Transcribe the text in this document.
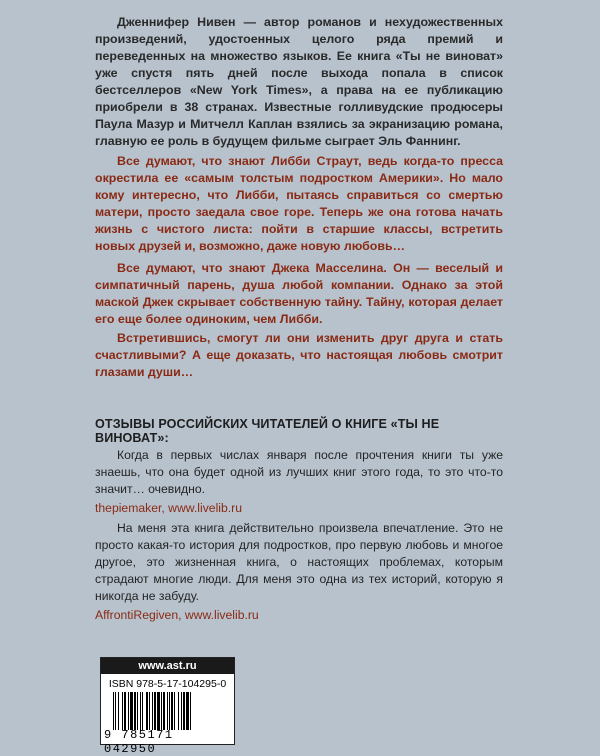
Дженнифер Нивен — автор романов и нехудожественных произведений, удостоенных целого ряда премий и переведенных на множество языков. Ее книга «Ты не виноват» уже спустя пять дней после выхода попала в список бестселлеров «New York Times», а права на ее публикацию приобрели в 38 странах. Известные голливудские продюсеры Паула Мазур и Митчелл Каплан взялись за экранизацию романа, главную ее роль в будущем фильме сыграет Эль Фаннинг.

Все думают, что знают Либби Страут, ведь когда-то пресса окрестила ее «самым толстым подростком Америки». Но мало кому интересно, что Либби, пытаясь справиться со смертью матери, просто заедала свое горе. Теперь же она готова начать жизнь с чистого листа: пойти в старшие классы, встретить новых друзей и, возможно, даже новую любовь…

Все думают, что знают Джека Масселина. Он — веселый и симпатичный парень, душа любой компании. Однако за этой маской Джек скрывает собственную тайну. Тайну, которая делает его еще более одиноким, чем Либби.

Встретившись, смогут ли они изменить друг друга и стать счастливыми? А еще доказать, что настоящая любовь смотрит глазами души…

ОТЗЫВЫ РОССИЙСКИХ ЧИТАТЕЛЕЙ О КНИГЕ «ТЫ НЕ ВИНОВАТ»:

Когда в первых числах января после прочтения книги ты уже знаешь, что она будет одной из лучших книг этого года, то это что-то значит… очевидно.

thepiemaker, www.livelib.ru

На меня эта книга действительно произвела впечатление. Это не просто какая-то история для подростков, про первую любовь и многое другое, это жизненная книга, о настоящих проблемах, которым страдают многие люди. Для меня это одна из тех историй, которую я никогда не забуду.

AffrontiRegiven, www.livelib.ru

www.ast.ru
ISBN 978-5-17-104295-0
9 785171 042950
